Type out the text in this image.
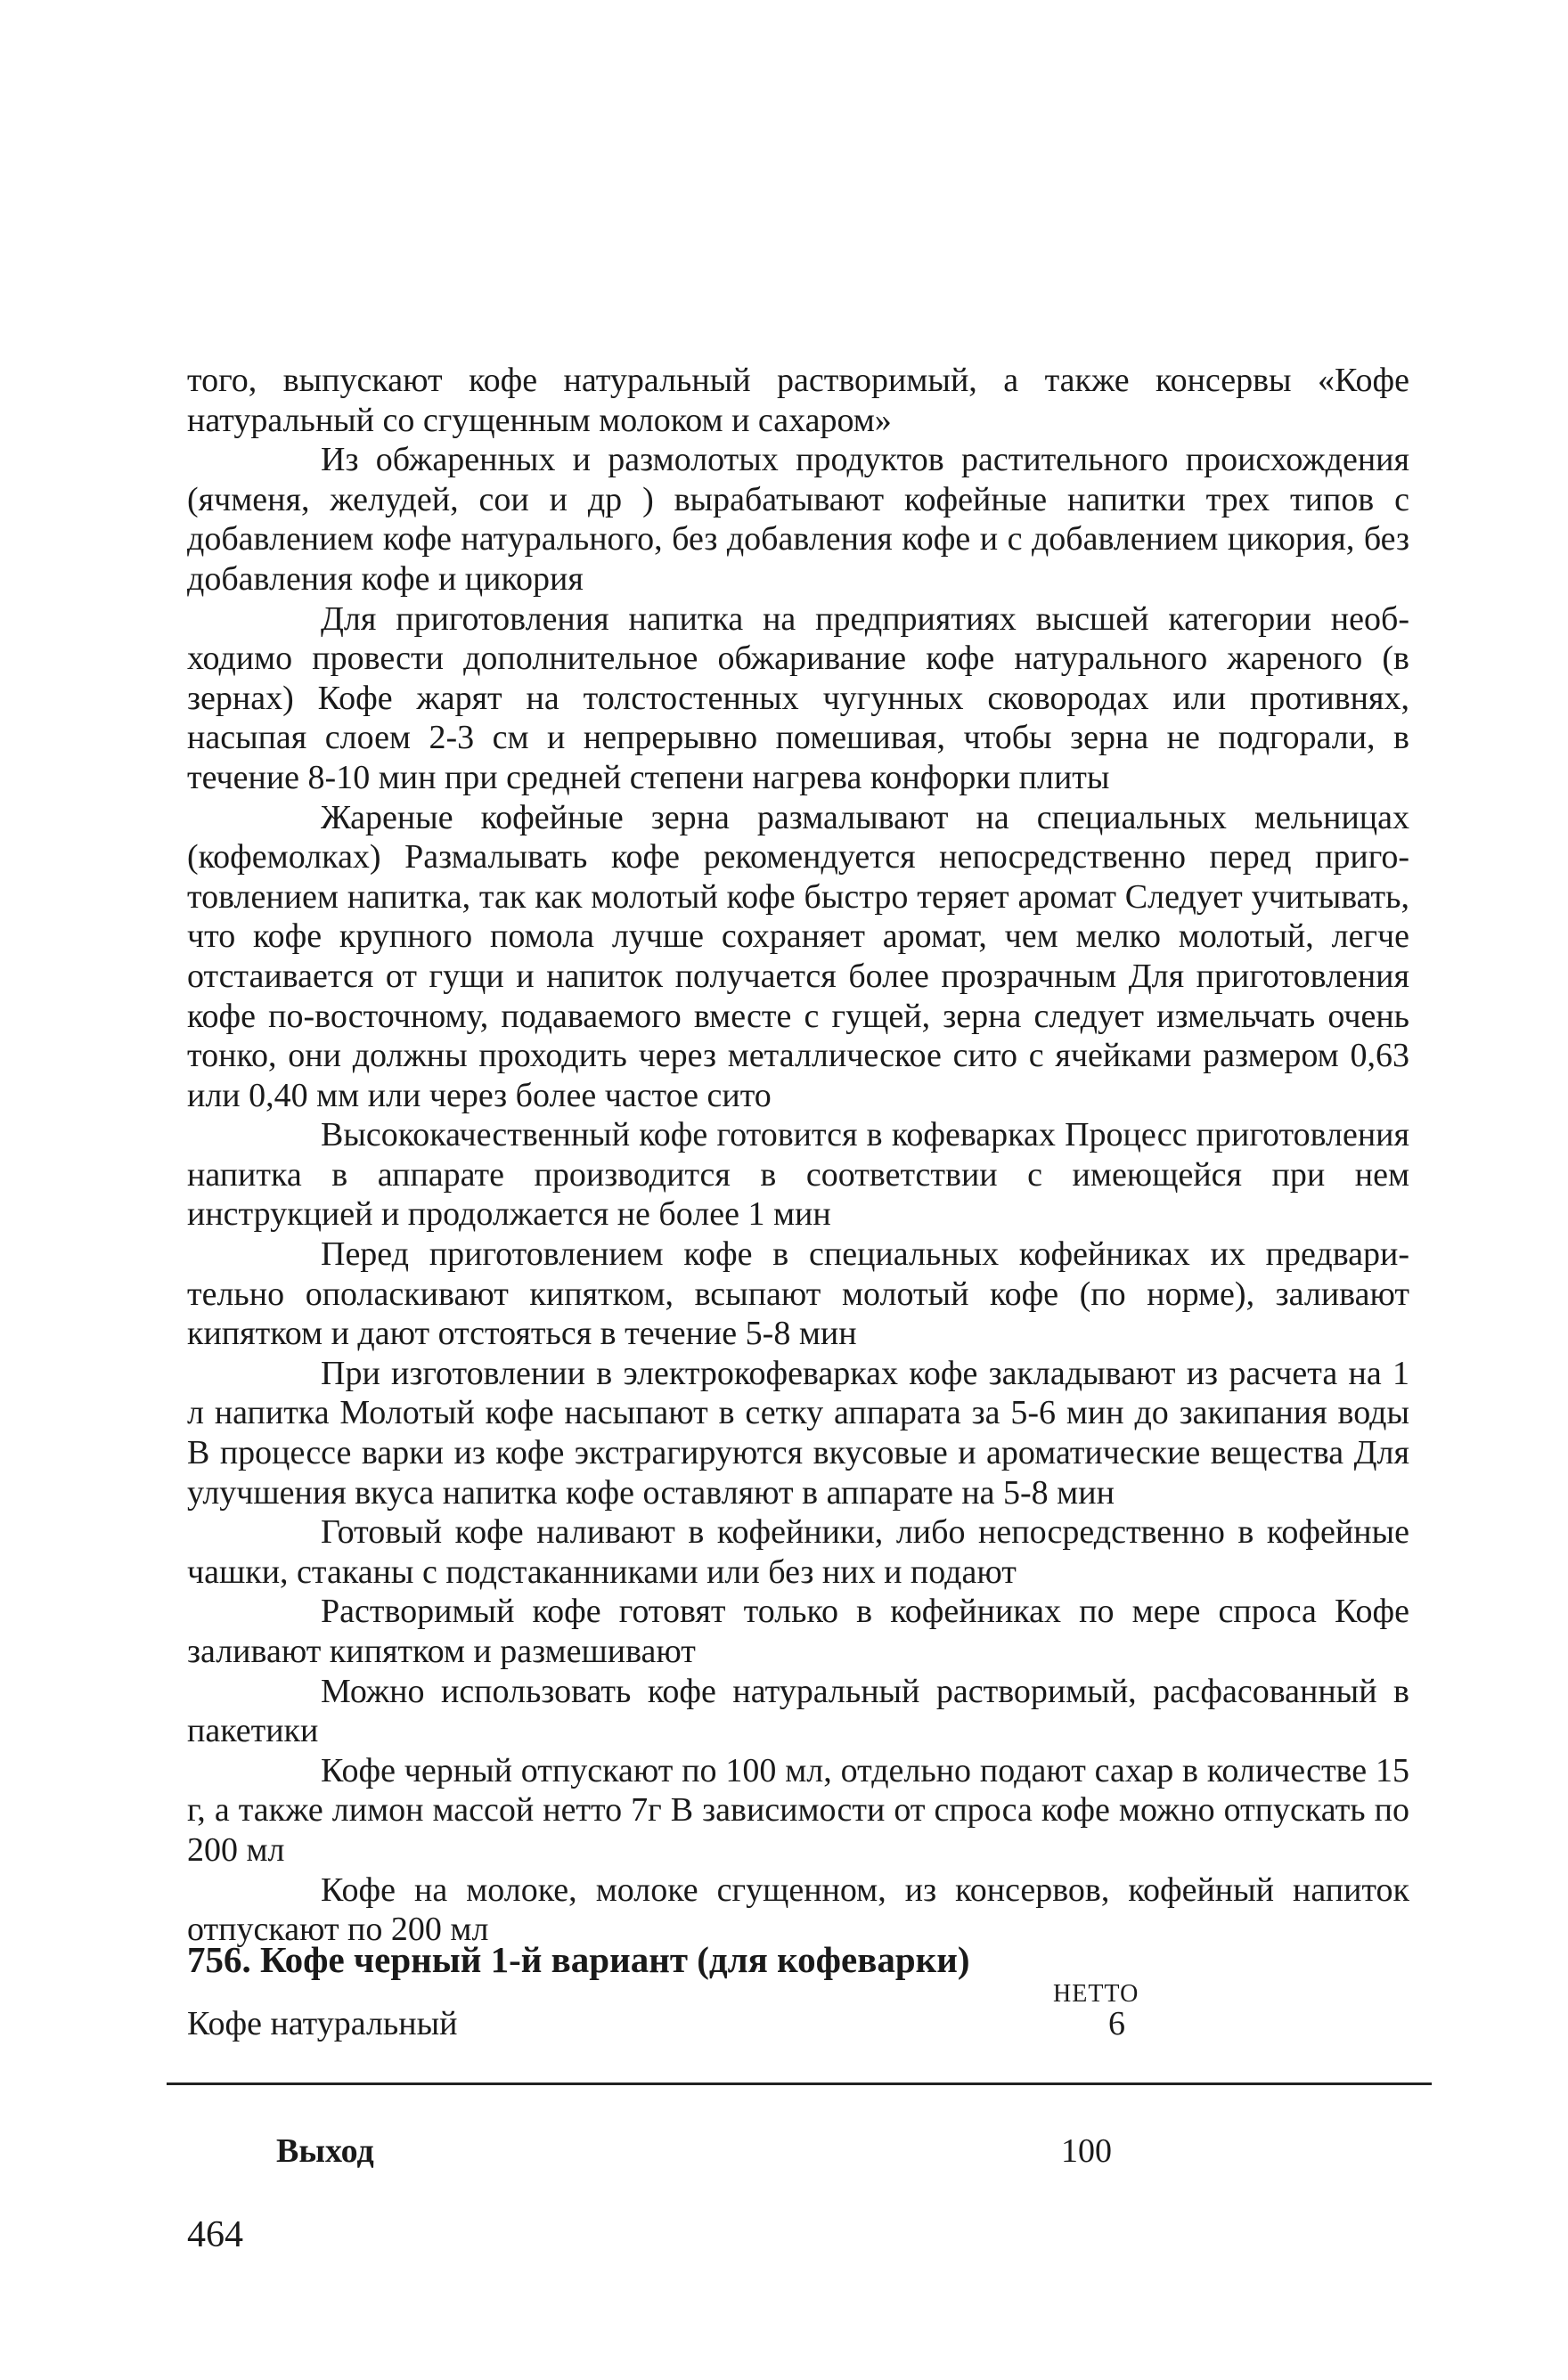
того, выпускают кофе натуральный растворимый, а также консервы «Кофе натуральный со сгущенным молоком и сахаром»

Из обжаренных и размолотых продуктов растительного происхождения (ячменя, желудей, сои и др ) вырабатывают кофейные напитки трех типов с добавлением кофе натурального, без добавления кофе и с добавлением цикория, без добавления кофе и цикория

Для приготовления напитка на предприятиях высшей категории необходимо провести дополнительное обжаривание кофе натурального жареного (в зернах) Кофе жарят на толстостенных чугунных сковородах или противнях, насыпая слоем 2-3 см и непрерывно помешивая, чтобы зерна не подгорали, в течение 8-10 мин при средней степени нагрева конфорки плиты

Жареные кофейные зерна размалывают на специальных мельницах (кофемолках) Размалывать кофе рекомендуется непосредственно перед приготовлением напитка, так как молотый кофе быстро теряет аромат Следует учитывать, что кофе крупного помола лучше сохраняет аромат, чем мелко молотый, легче отстаивается от гущи и напиток получается более прозрачным Для приготовления кофе по-восточному, подаваемого вместе с гущей, зерна следует измельчать очень тонко, они должны проходить через металлическое сито с ячейками размером 0,63 или 0,40 мм или через более частое сито

Высококачественный кофе готовится в кофеварках Процесс приготовления напитка в аппарате производится в соответствии с имеющейся при нем инструкцией и продолжается не более 1 мин

Перед приготовлением кофе в специальных кофейниках их предварительно ополаскивают кипятком, всыпают молотый кофе (по норме), заливают кипятком и дают отстояться в течение 5-8 мин

При изготовлении в электрокофеварках кофе закладывают из расчета на 1 л напитка Молотый кофе насыпают в сетку аппарата за 5-6 мин до закипания воды В процессе варки из кофе экстрагируются вкусовые и ароматические вещества Для улучшения вкуса напитка кофе оставляют в аппарате на 5-8 мин

Готовый кофе наливают в кофейники, либо непосредственно в кофейные чашки, стаканы с подстаканниками или без них и подают

Растворимый кофе готовят только в кофейниках по мере спроса Кофе заливают кипятком и размешивают

Можно использовать кофе натуральный растворимый, расфасованный в пакетики

Кофе черный отпускают по 100 мл, отдельно подают сахар в количестве 15 г, а также лимон массой нетто 7г В зависимости от спроса кофе можно отпускать по 200 мл

Кофе на молоке, молоке сгущенном, из консервов, кофейный напиток отпускают по 200 мл

756. Кофе черный 1-й вариант (для кофеварки)
НЕТТО
Кофе натуральный	6
Выход	100
464
